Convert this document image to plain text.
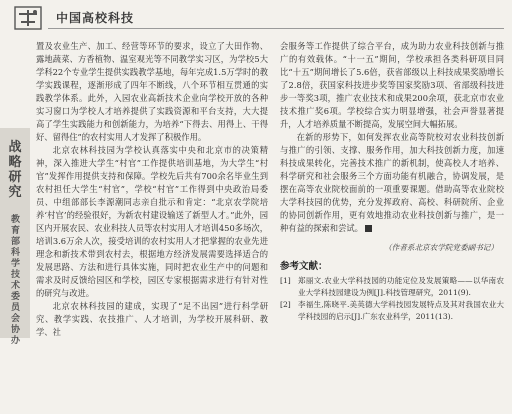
中国高校科技
战略研究
教育部科学技术委员会协办

置及农业生产、加工、经营等环节的要求，设立了大田作物、露地蔬菜、方香植物、温室观光等不同教学实习区，为学校5大学科22个专业学生提供实践教学基地，每年完成1.5万学时的教学实践课程，逐渐形成了四年不断线，八个环节相互贯通的实践教学体系。此外，入园农业高新技术企业向学校开放的各种实习窗口为学校人才培养提供了实践资源和平台支持，大大提高了学生实践能力和创新能力，为培养“下得去、用得上、干得好、留得住”的农村实用人才发挥了积极作用。

北京农林科技园为学校认真落实中央和北京市的决策精神，深入推进大学生“村官”工作提供培训基地，为大学生“村官”发挥作用提供支持和保障。学校先后共有700余名毕业生到农村担任大学生“村官”，学校“村官”工作得到中央政治局委员、中组部部长李源潮同志亲自批示和肯定：“北京农学院培养‘村官’的经验很好，为新农村建设输送了新型人才。”此外，园区内开展农民、农业科技人员等农村实用人才培训450多场次，培训3.6万余人次，接受培训的农村实用人才把掌握的农业先进理念和新技术带到农村去，根据地方经济发展需要选择适合的发展思路、方法和进行具体实施，同时把农业生产中的问题和需求及时反馈给园区和学校，园区专家根据需求进行有针对性的研究与改进。

北京农林科技园的建成，实现了“足不出园”进行科学研究、教学实践、农技推广、人才培训，为学校开展科研、教学、社

会服务等工作提供了综合平台，成为助力农业科技创新与推广的有效载体。“十一五”期间，学校承担各类科研项目同比“十五”期间增长了5.6倍，获省部级以上科技成果奖励增长了2.8倍，获国家科技进步奖等国家奖励3项、省部级科技进步一等奖3项，推广农业技术和成果200余项，获北京市农业技术推广奖6项。学校综合实力明显增强，社会声誉显著提升，人才培养质量不断提高，发展空间大幅拓展。

在新的形势下，如何发挥农业高等院校对农业科技创新与推广的引领、支撑、服务作用，加大科技创新力度，加速科技成果转化，完善技术推广的新机制，使高校人才培养、科学研究和社会服务三个方面功能有机融合，协调发展，是摆在高等农业院校面前的一项重要课题。借助高等农业院校大学科技园的优势，充分发挥政府、高校、科研院所、企业的协同创新作用，更有效地推动农业科技创新与推广，是一种有益的探索和尝试。

（作者系北京农学院党委副书记）
参考文献：
[1] 郑丽文.农业大学科技园的功能定位及发展策略——以华南农业大学科技园建设为例[J].科技管理研究，2011(9).
[2] 李福生,陈晓平.美英德大学科技园发展特点及其对我国农业大学科技园的启示[J].广东农业科学，2011(13).
